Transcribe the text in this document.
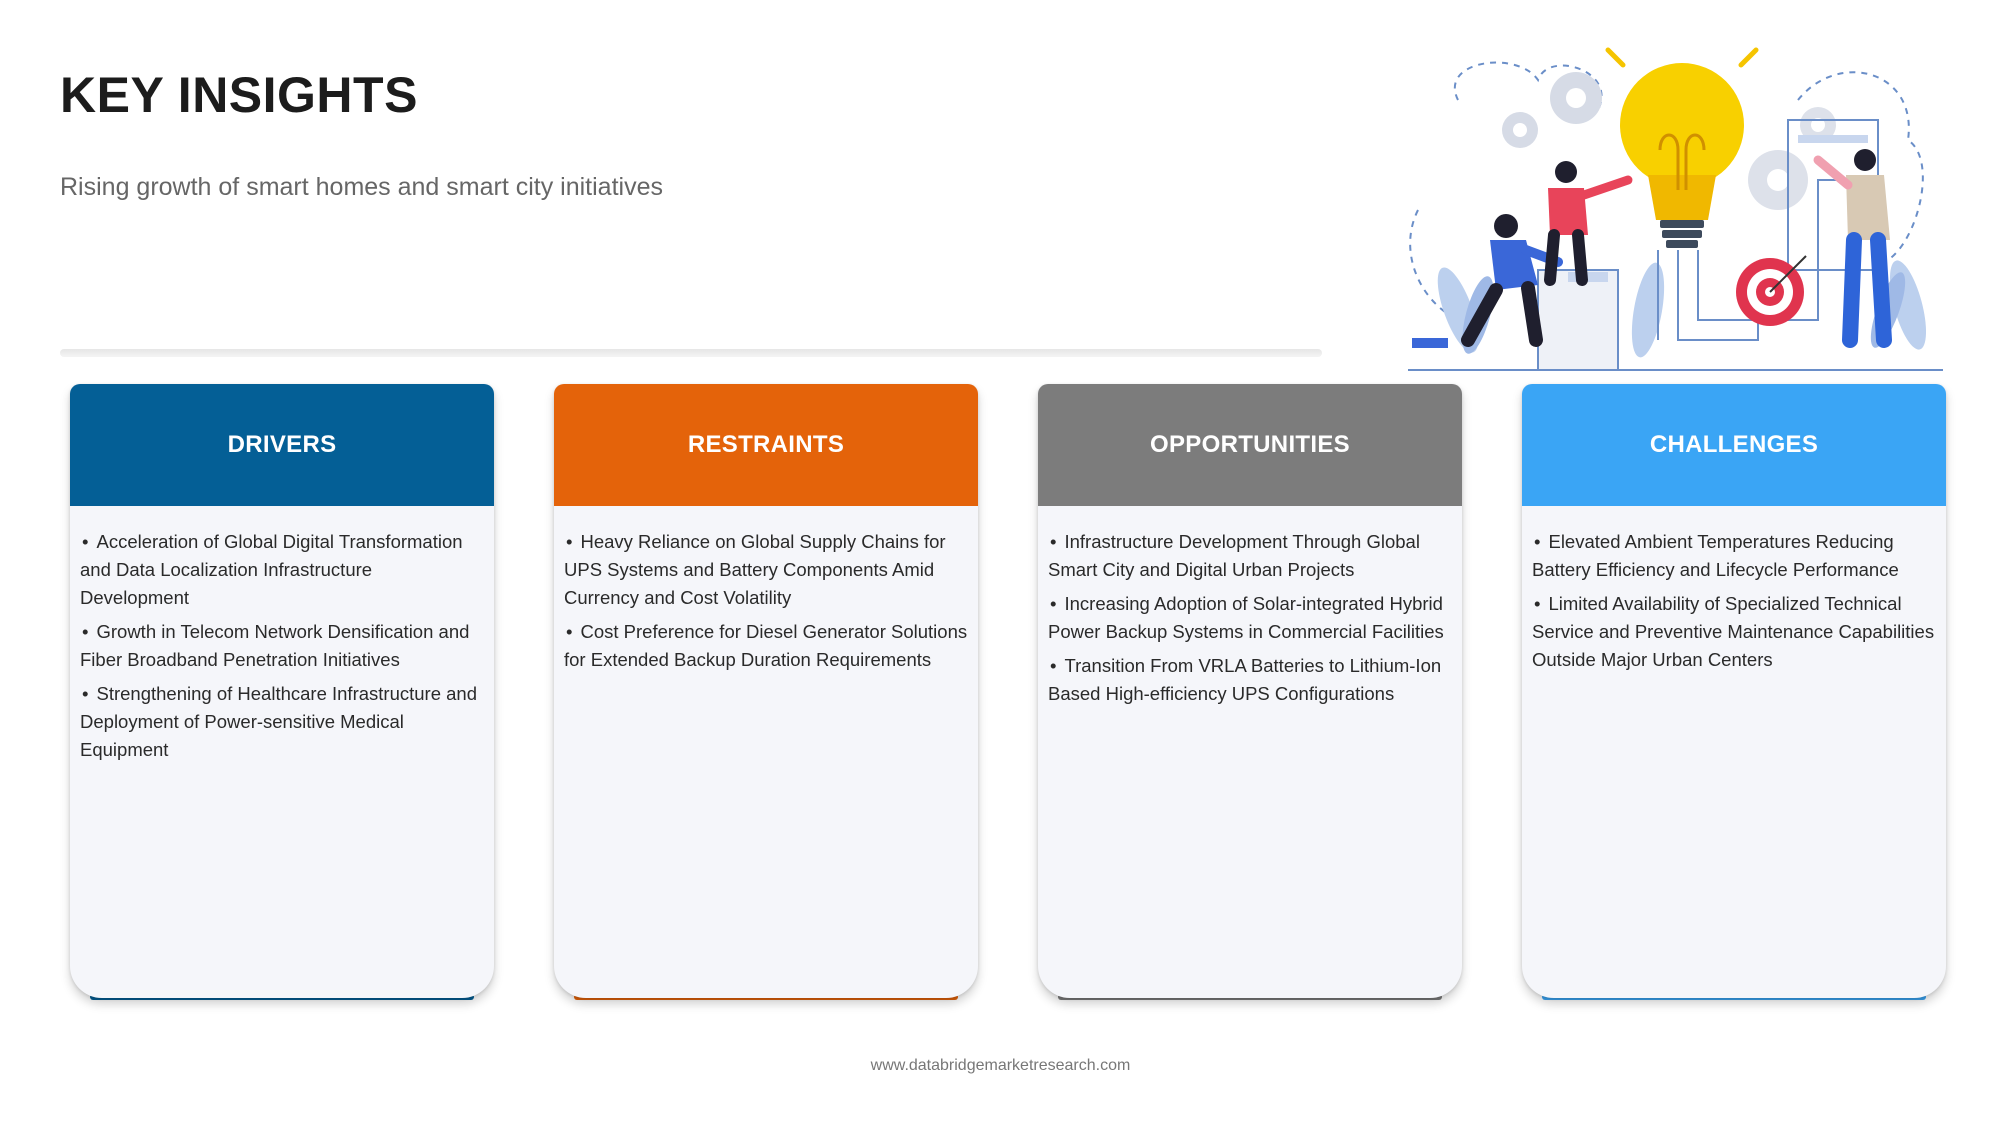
KEY INSIGHTS

Rising growth of smart homes and smart city initiatives

DRIVERS
• Acceleration of Global Digital Transformation and Data Localization Infrastructure Development
• Growth in Telecom Network Densification and Fiber Broadband Penetration Initiatives
• Strengthening of Healthcare Infrastructure and Deployment of Power-sensitive Medical Equipment
RESTRAINTS
• Heavy Reliance on Global Supply Chains for UPS Systems and Battery Components Amid Currency and Cost Volatility
• Cost Preference for Diesel Generator Solutions for Extended Backup Duration Requirements
OPPORTUNITIES
• Infrastructure Development Through Global Smart City and Digital Urban Projects
• Increasing Adoption of Solar-integrated Hybrid Power Backup Systems in Commercial Facilities
• Transition From VRLA Batteries to Lithium-Ion Based High-efficiency UPS Configurations
CHALLENGES
• Elevated Ambient Temperatures Reducing Battery Efficiency and Lifecycle Performance
• Limited Availability of Specialized Technical Service and Preventive Maintenance Capabilities Outside Major Urban Centers
www.databridgemarketresearch.com
